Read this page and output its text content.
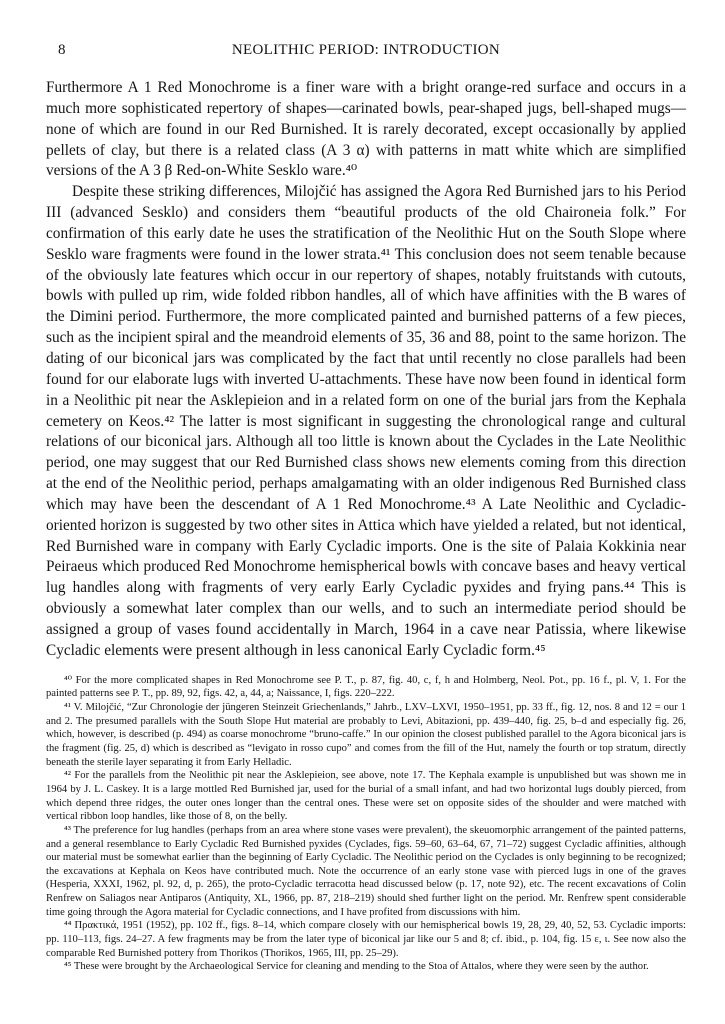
8	NEOLITHIC PERIOD: INTRODUCTION

Furthermore A 1 Red Monochrome is a finer ware with a bright orange-red surface and occurs in a much more sophisticated repertory of shapes—carinated bowls, pear-shaped jugs, bell-shaped mugs—none of which are found in our Red Burnished. It is rarely decorated, except occasionally by applied pellets of clay, but there is a related class (A 3 α) with patterns in matt white which are simplified versions of the A 3 β Red-on-White Sesklo ware.⁴⁰

Despite these striking differences, Milojčić has assigned the Agora Red Burnished jars to his Period III (advanced Sesklo) and considers them “beautiful products of the old Chaironeia folk.” For confirmation of this early date he uses the stratification of the Neolithic Hut on the South Slope where Sesklo ware fragments were found in the lower strata.⁴¹ This conclusion does not seem tenable because of the obviously late features which occur in our repertory of shapes, notably fruitstands with cutouts, bowls with pulled up rim, wide folded ribbon handles, all of which have affinities with the B wares of the Dimini period. Furthermore, the more complicated painted and burnished patterns of a few pieces, such as the incipient spiral and the meandroid elements of 35, 36 and 88, point to the same horizon. The dating of our biconical jars was complicated by the fact that until recently no close parallels had been found for our elaborate lugs with inverted U-attachments. These have now been found in identical form in a Neolithic pit near the Asklepieion and in a related form on one of the burial jars from the Kephala cemetery on Keos.⁴² The latter is most significant in suggesting the chronological range and cultural relations of our biconical jars. Although all too little is known about the Cyclades in the Late Neolithic period, one may suggest that our Red Burnished class shows new elements coming from this direction at the end of the Neolithic period, perhaps amalgamating with an older indigenous Red Burnished class which may have been the descendant of A 1 Red Monochrome.⁴³ A Late Neolithic and Cycladic-oriented horizon is suggested by two other sites in Attica which have yielded a related, but not identical, Red Burnished ware in company with Early Cycladic imports. One is the site of Palaia Kokkinia near Peiraeus which produced Red Monochrome hemispherical bowls with concave bases and heavy vertical lug handles along with fragments of very early Early Cycladic pyxides and frying pans.⁴⁴ This is obviously a somewhat later complex than our wells, and to such an intermediate period should be assigned a group of vases found accidentally in March, 1964 in a cave near Patissia, where likewise Cycladic elements were present although in less canonical Early Cycladic form.⁴⁵

⁴⁰ For the more complicated shapes in Red Monochrome see P. T., p. 87, fig. 40, c, f, h and Holmberg, Neol. Pot., pp. 16 f., pl. V, 1. For the painted patterns see P. T., pp. 89, 92, figs. 42, a, 44, a; Naissance, I, figs. 220–222.

⁴¹ V. Milojčić, “Zur Chronologie der jüngeren Steinzeit Griechenlands,” Jahrb., LXV–LXVI, 1950–1951, pp. 33 ff., fig. 12, nos. 8 and 12 = our 1 and 2. The presumed parallels with the South Slope Hut material are probably to Levi, Abitazioni, pp. 439–440, fig. 25, b–d and especially fig. 26, which, however, is described (p. 494) as coarse monochrome “bruno-caffe.” In our opinion the closest published parallel to the Agora biconical jars is the fragment (fig. 25, d) which is described as “levigato in rosso cupo” and comes from the fill of the Hut, namely the fourth or top stratum, directly beneath the sterile layer separating it from Early Helladic.

⁴² For the parallels from the Neolithic pit near the Asklepieion, see above, note 17. The Kephala example is unpublished but was shown me in 1964 by J. L. Caskey. It is a large mottled Red Burnished jar, used for the burial of a small infant, and had two horizontal lugs doubly pierced, from which depend three ridges, the outer ones longer than the central ones. These were set on opposite sides of the shoulder and were matched with vertical ribbon loop handles, like those of 8, on the belly.

⁴³ The preference for lug handles (perhaps from an area where stone vases were prevalent), the skeuomorphic arrangement of the painted patterns, and a general resemblance to Early Cycladic Red Burnished pyxides (Cyclades, figs. 59–60, 63–64, 67, 71–72) suggest Cycladic affinities, although our material must be somewhat earlier than the beginning of Early Cycladic. The Neolithic period on the Cyclades is only beginning to be recognized; the excavations at Kephala on Keos have contributed much. Note the occurrence of an early stone vase with pierced lugs in one of the graves (Hesperia, XXXI, 1962, pl. 92, d, p. 265), the proto-Cycladic terracotta head discussed below (p. 17, note 92), etc. The recent excavations of Colin Renfrew on Saliagos near Antiparos (Antiquity, XL, 1966, pp. 87, 218–219) should shed further light on the period. Mr. Renfrew spent considerable time going through the Agora material for Cycladic connections, and I have profited from discussions with him.

⁴⁴ Πρακτικά, 1951 (1952), pp. 102 ff., figs. 8–14, which compare closely with our hemispherical bowls 19, 28, 29, 40, 52, 53. Cycladic imports: pp. 110–113, figs. 24–27. A few fragments may be from the later type of biconical jar like our 5 and 8; cf. ibid., p. 104, fig. 15 ε, ι. See now also the comparable Red Burnished pottery from Thorikos (Thorikos, 1965, III, pp. 25–29).

⁴⁵ These were brought by the Archaeological Service for cleaning and mending to the Stoa of Attalos, where they were seen by the author.
